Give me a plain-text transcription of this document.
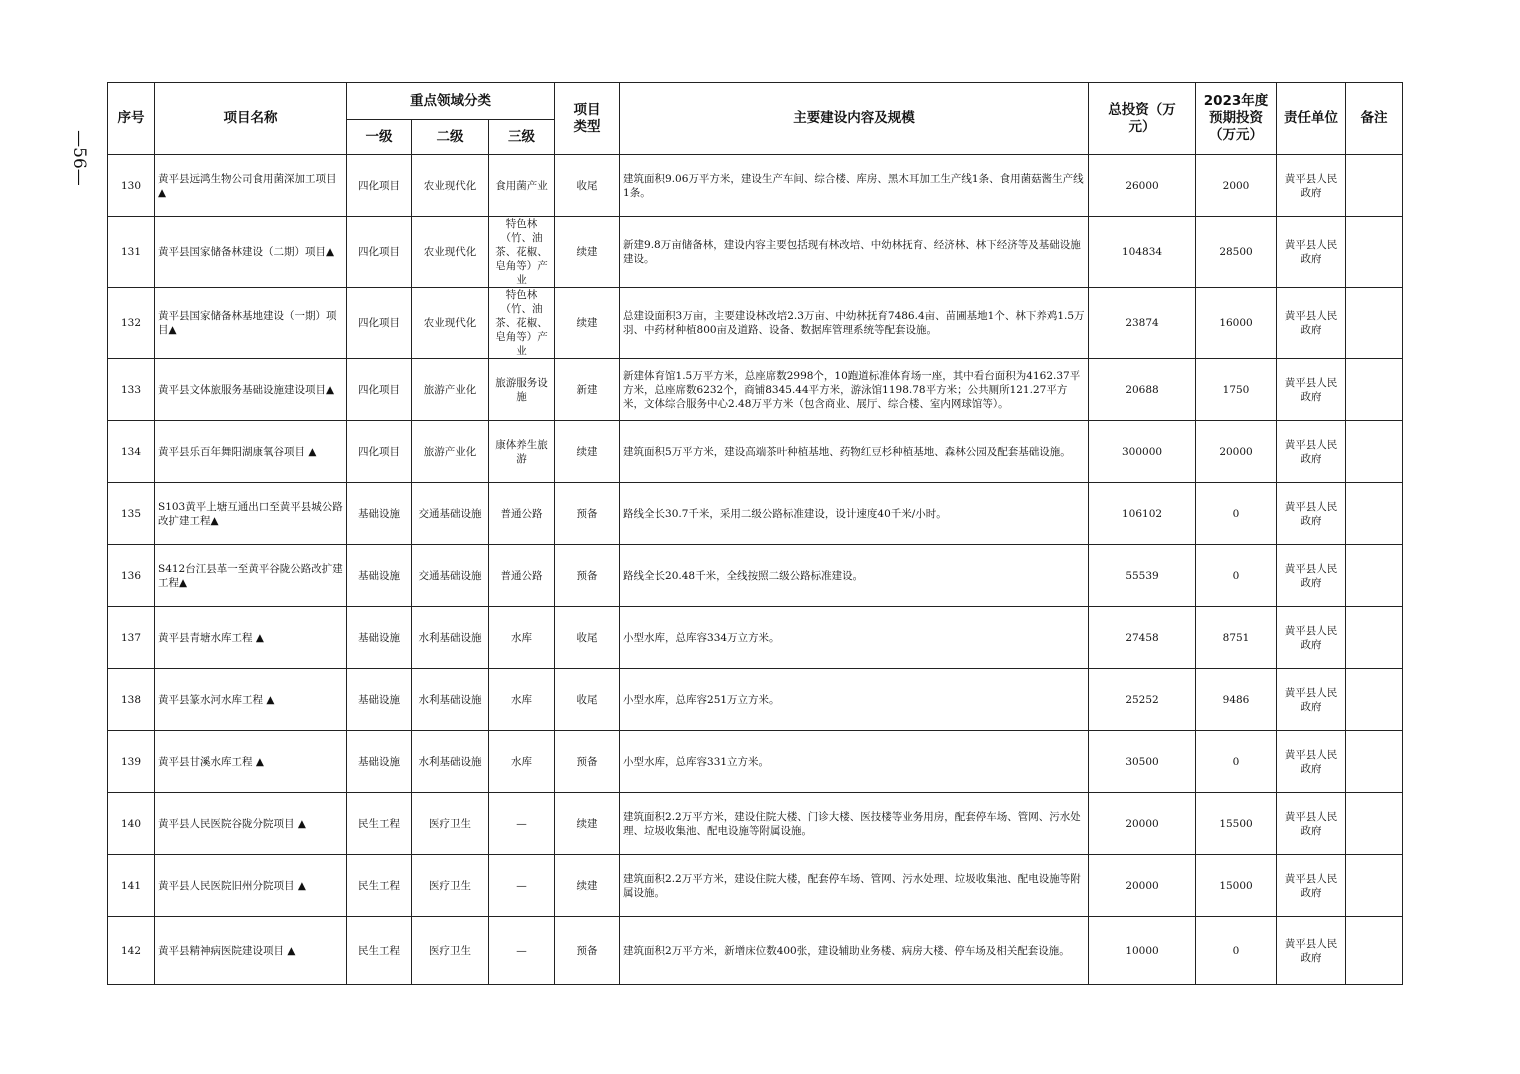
—56—
序号	项目名称	重点领域分类			项目类型	主要建设内容及规模	总投资（万元）	2023年度预期投资（万元）	责任单位	备注
		一级	二级	三级						
130	黄平县远鸿生物公司食用菌深加工项目▲	四化项目	农业现代化	食用菌产业	收尾	建筑面积9.06万平方米，建设生产车间、综合楼、库房、黑木耳加工生产线1条、食用菌菇酱生产线1条。	26000	2000	黄平县人民政府	
131	黄平县国家储备林建设（二期）项目▲	四化项目	农业现代化	特色林（竹、油茶、花椒、皂角等）产业	续建	新建9.8万亩储备林，建设内容主要包括现有林改培、中幼林抚育、经济林、林下经济等及基础设施建设。	104834	28500	黄平县人民政府	
132	黄平县国家储备林基地建设（一期）项目▲	四化项目	农业现代化	特色林（竹、油茶、花椒、皂角等）产业	续建	总建设面积3万亩，主要建设林改培2.3万亩、中幼林抚育7486.4亩、苗圃基地1个、林下养鸡1.5万羽、中药材种植800亩及道路、设备、数据库管理系统等配套设施。	23874	16000	黄平县人民政府	
133	黄平县文体旅服务基础设施建设项目▲	四化项目	旅游产业化	旅游服务设施	新建	新建体育馆1.5万平方米，总座席数2998个，10跑道标准体育场一座，其中看台面积为4162.37平方米，总座席数6232个，商铺8345.44平方米，游泳馆1198.78平方米；公共厕所121.27平方米，文体综合服务中心2.48万平方米（包含商业、展厅、综合楼、室内网球馆等）。	20688	1750	黄平县人民政府	
134	黄平县乐百年舞阳湖康氧谷项目 ▲	四化项目	旅游产业化	康体养生旅游	续建	建筑面积5万平方米，建设高端茶叶种植基地、药物红豆杉种植基地、森林公园及配套基础设施。	300000	20000	黄平县人民政府	
135	S103黄平上塘互通出口至黄平县城公路改扩建工程▲	基础设施	交通基础设施	普通公路	预备	路线全长30.7千米，采用二级公路标准建设，设计速度40千米/小时。	106102	0	黄平县人民政府	
136	S412台江县革一至黄平谷陇公路改扩建工程▲	基础设施	交通基础设施	普通公路	预备	路线全长20.48千米，全线按照二级公路标准建设。	55539	0	黄平县人民政府	
137	黄平县青塘水库工程 ▲	基础设施	水利基础设施	水库	收尾	小型水库，总库容334万立方米。	27458	8751	黄平县人民政府	
138	黄平县篆水河水库工程 ▲	基础设施	水利基础设施	水库	收尾	小型水库，总库容251万立方米。	25252	9486	黄平县人民政府	
139	黄平县甘溪水库工程 ▲	基础设施	水利基础设施	水库	预备	小型水库，总库容331立方米。	30500	0	黄平县人民政府	
140	黄平县人民医院谷陇分院项目 ▲	民生工程	医疗卫生	—	续建	建筑面积2.2万平方米，建设住院大楼、门诊大楼、医技楼等业务用房，配套停车场、管网、污水处理、垃圾收集池、配电设施等附属设施。	20000	15500	黄平县人民政府	
141	黄平县人民医院旧州分院项目 ▲	民生工程	医疗卫生	—	续建	建筑面积2.2万平方米，建设住院大楼，配套停车场、管网、污水处理、垃圾收集池、配电设施等附属设施。	20000	15000	黄平县人民政府	
142	黄平县精神病医院建设项目 ▲	民生工程	医疗卫生	—	预备	建筑面积2万平方米，新增床位数400张，建设辅助业务楼、病房大楼、停车场及相关配套设施。	10000	0	黄平县人民政府	
